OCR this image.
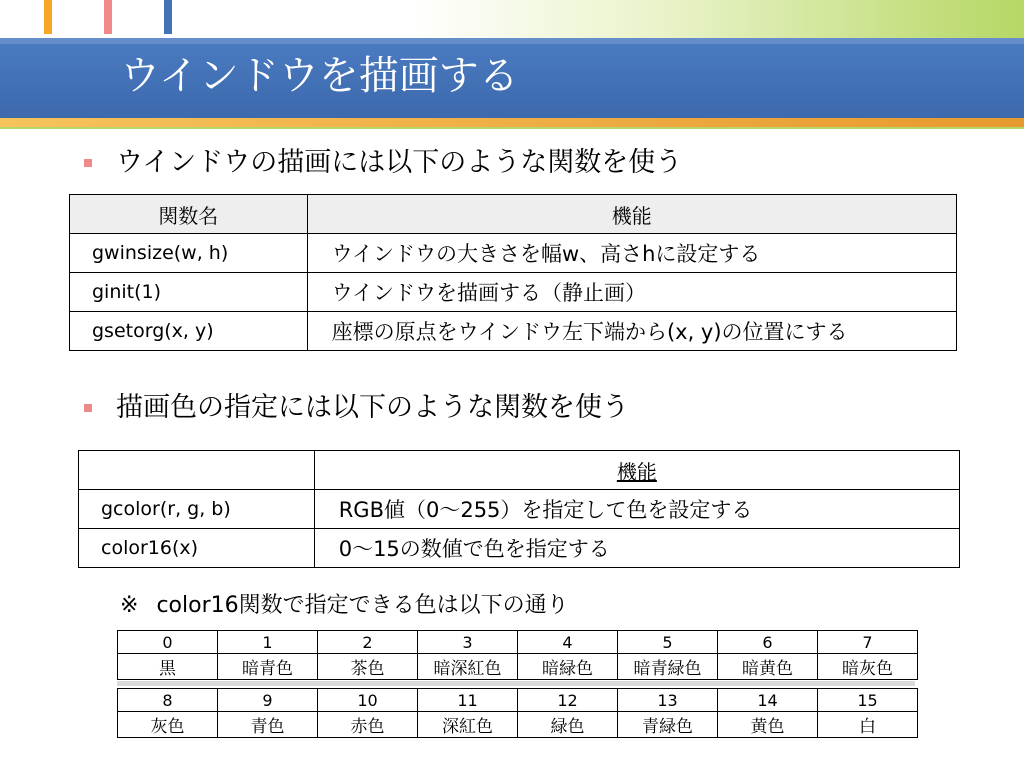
ウインドウを描画する
ウインドウの描画には以下のような関数を使う
関数名	機能
gwinsize(w, h)	ウインドウの大きさを幅w、高さhに設定する
ginit(1)	ウインドウを描画する（静止画）
gsetorg(x, y)	座標の原点をウインドウ左下端から(x, y)の位置にする
描画色の指定には以下のような関数を使う
	機能
gcolor(r, g, b)	RGB値（0～255）を指定して色を設定する
color16(x)	0～15の数値で色を指定する
※ color16関数で指定できる色は以下の通り
0	1	2	3	4	5	6	7
黒	暗青色	茶色	暗深紅色	暗緑色	暗青緑色	暗黄色	暗灰色
8	9	10	11	12	13	14	15
灰色	青色	赤色	深紅色	緑色	青緑色	黄色	白
